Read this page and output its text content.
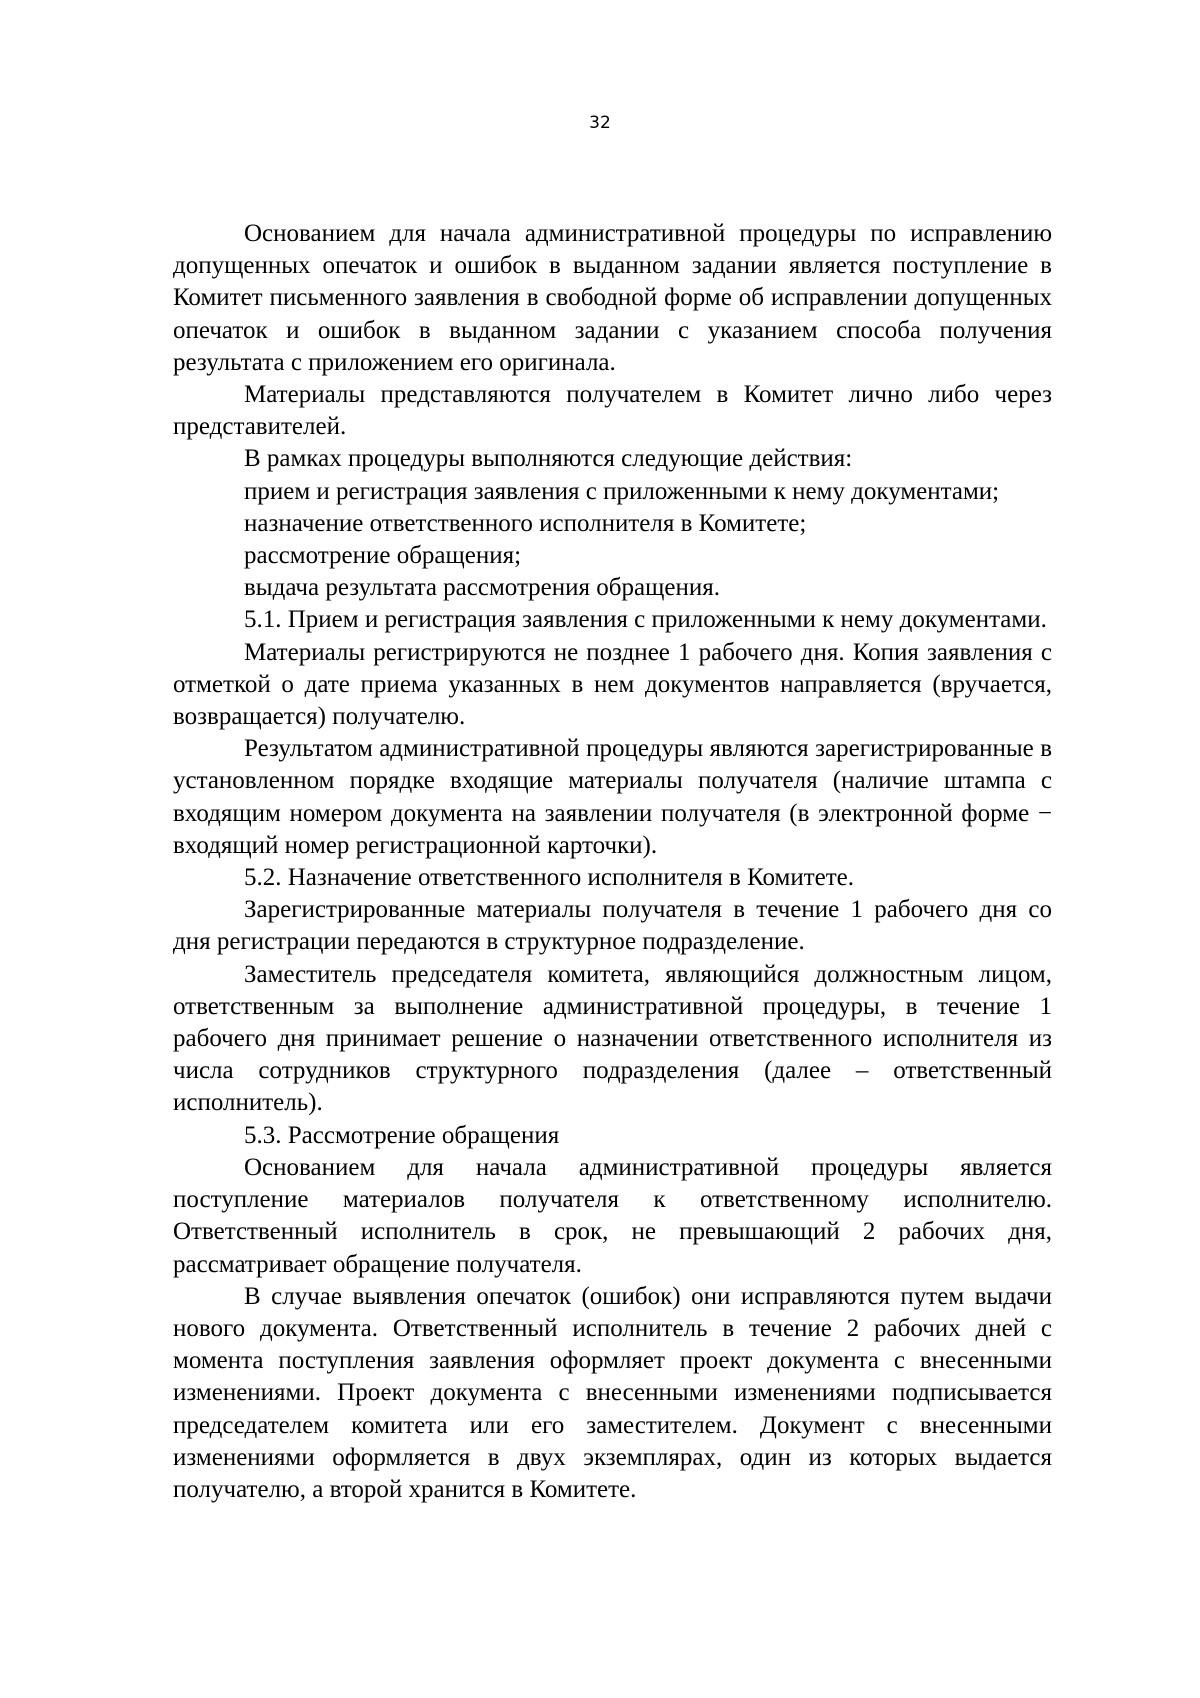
32

Основанием для начала административной процедуры по исправлению допущенных опечаток и ошибок в выданном задании является поступление в Комитет письменного заявления в свободной форме об исправлении допущенных опечаток и ошибок в выданном задании с указанием способа получения результата с приложением его оригинала.

Материалы представляются получателем в Комитет лично либо через представителей.

В рамках процедуры выполняются следующие действия:

прием и регистрация заявления с приложенными к нему документами;

назначение ответственного исполнителя в Комитете;

рассмотрение обращения;

выдача результата рассмотрения обращения.

5.1. Прием и регистрация заявления с приложенными к нему документами.

Материалы регистрируются не позднее 1 рабочего дня. Копия заявления с отметкой о дате приема указанных в нем документов направляется (вручается, возвращается) получателю.

Результатом административной процедуры являются зарегистрированные в установленном порядке входящие материалы получателя (наличие штампа с входящим номером документа на заявлении получателя (в электронной форме − входящий номер регистрационной карточки).

5.2. Назначение ответственного исполнителя в Комитете.

Зарегистрированные материалы получателя в течение 1 рабочего дня со дня регистрации передаются в структурное подразделение.

Заместитель председателя комитета, являющийся должностным лицом, ответственным за выполнение административной процедуры, в течение 1 рабочего дня принимает решение о назначении ответственного исполнителя из числа сотрудников структурного подразделения (далее – ответственный исполнитель).

5.3. Рассмотрение обращения

Основанием для начала административной процедуры является поступление материалов получателя к ответственному исполнителю. Ответственный исполнитель в срок, не превышающий 2 рабочих дня, рассматривает обращение получателя.

В случае выявления опечаток (ошибок) они исправляются путем выдачи нового документа. Ответственный исполнитель в течение 2 рабочих дней с момента поступления заявления оформляет проект документа с внесенными изменениями. Проект документа с внесенными изменениями подписывается председателем комитета или его заместителем. Документ с внесенными изменениями оформляется в двух экземплярах, один из которых выдается получателю, а второй хранится в Комитете.
